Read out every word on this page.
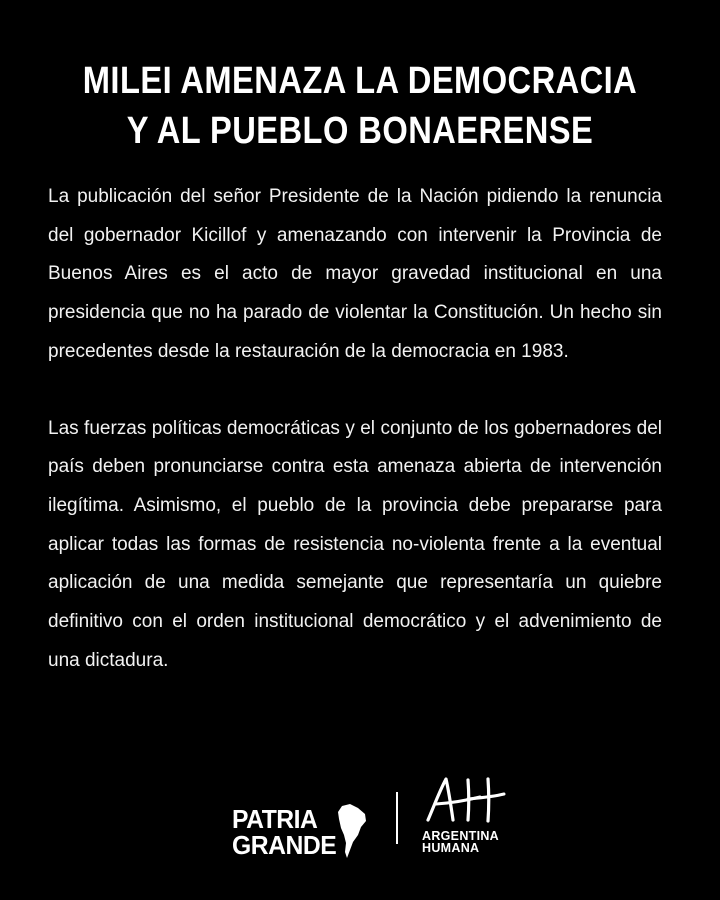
MILEI AMENAZA LA DEMOCRACIA
Y AL PUEBLO BONAERENSE

La publicación del señor Presidente de la Nación pidiendo la renuncia del gobernador Kicillof y amenazando con intervenir la Provincia de Buenos Aires es el acto de mayor gravedad institucional en una presidencia que no ha parado de violentar la Constitución. Un hecho sin precedentes desde la restauración de la democracia en 1983.

Las fuerzas políticas democráticas y el conjunto de los gobernadores del país deben pronunciarse contra esta amenaza abierta de intervención ilegítima. Asimismo, el pueblo de la provincia debe prepararse para aplicar todas las formas de resistencia no-violenta frente a la eventual aplicación de una medida semejante que representaría un quiebre definitivo con el orden institucional democrático y el advenimiento de una dictadura.

PATRIA
GRANDE	ARGENTINA
HUMANA
